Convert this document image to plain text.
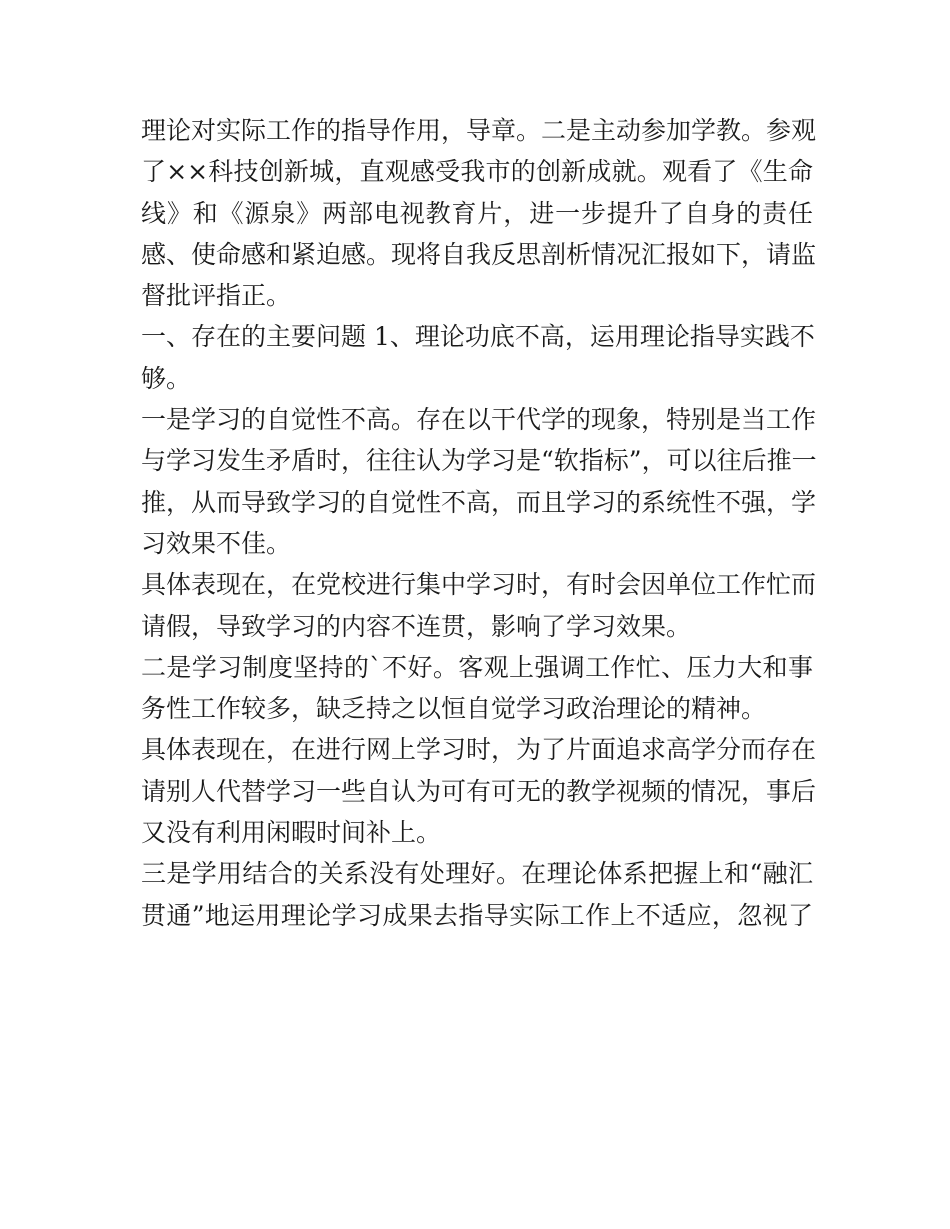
理论对实际工作的指导作用，导章。二是主动参加学教。参观
了××科技创新城，直观感受我市的创新成就。观看了《生命
线》和《源泉》两部电视教育片，进一步提升了自身的责任
感、使命感和紧迫感。现将自我反思剖析情况汇报如下，请监
督批评指正。
一、存在的主要问题 1、理论功底不高，运用理论指导实践不
够。
一是学习的自觉性不高。存在以干代学的现象，特别是当工作
与学习发生矛盾时，往往认为学习是“软指标”，可以往后推一
推，从而导致学习的自觉性不高，而且学习的系统性不强，学
习效果不佳。
具体表现在，在党校进行集中学习时，有时会因单位工作忙而
请假，导致学习的内容不连贯，影响了学习效果。
二是学习制度坚持的`不好。客观上强调工作忙、压力大和事
务性工作较多，缺乏持之以恒自觉学习政治理论的精神。
具体表现在，在进行网上学习时，为了片面追求高学分而存在
请别人代替学习一些自认为可有可无的教学视频的情况，事后
又没有利用闲暇时间补上。
三是学用结合的关系没有处理好。在理论体系把握上和“融汇
贯通”地运用理论学习成果去指导实际工作上不适应，忽视了
